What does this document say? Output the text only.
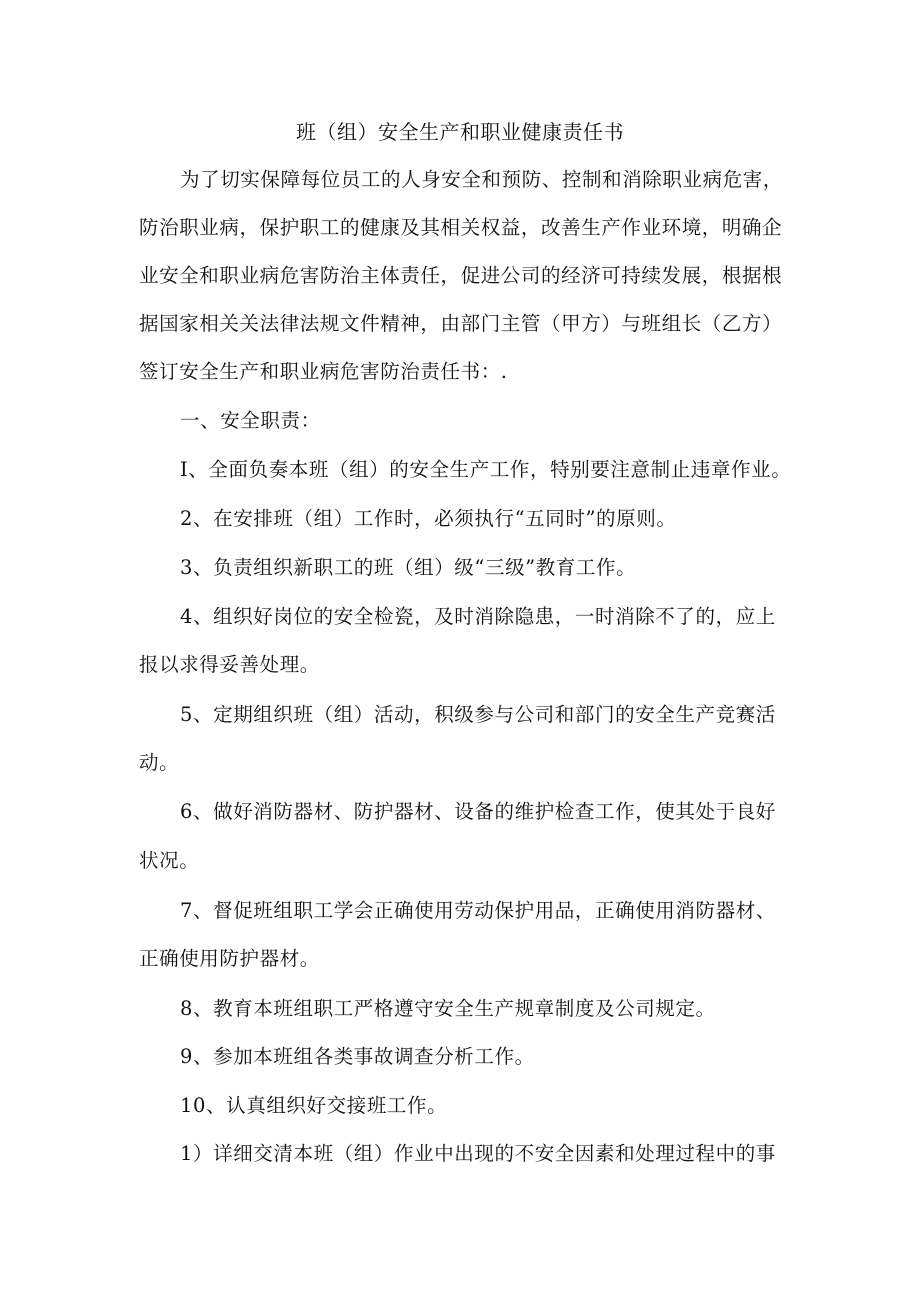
班（组）安全生产和职业健康责任书
为了切实保障每位员工的人身安全和预防、控制和消除职业病危害，
防治职业病，保护职工的健康及其相关权益，改善生产作业环境，明确企
业安全和职业病危害防治主体责任，促进公司的经济可持续发展，根据根
据国家相关关法律法规文件精神，由部门主管（甲方）与班组长（乙方）
签订安全生产和职业病危害防治责任书：.
一、安全职责：
I、全面负奏本班（组）的安全生产工作，特别要注意制止违章作业。
2、在安排班（组）工作时，必须执行“五同时”的原则。
3、负责组织新职工的班（组）级“三级”教育工作。
4、组织好岗位的安全检瓷，及时消除隐患，一时消除不了的，应上
报以求得妥善处理。
5、定期组织班（组）活动，积级参与公司和部门的安全生产竞赛活
动。
6、做好消防器材、防护器材、设备的维护检查工作，使其处于良好
状况。
7、督促班组职工学会正确使用劳动保护用品，正确使用消防器材、
正确使用防护器材。
8、教育本班组职工严格遵守安全生产规章制度及公司规定。
9、参加本班组各类事故调查分析工作。
10、认真组织好交接班工作。
1）详细交清本班（组）作业中出现的不安全因素和处理过程中的事
